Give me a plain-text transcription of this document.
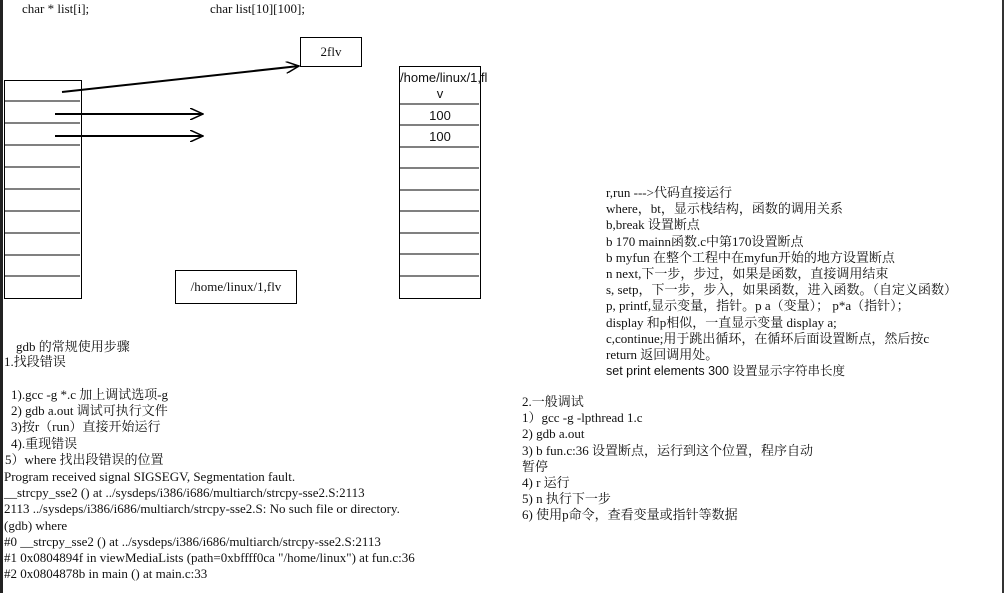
char * list[i];	char list[10][100];
2flv
/home/linux/1,flv
/home/linux/1,fl
v
100
100
gdb 的常规使用步骤
1.找段错误
1).gcc -g *.c 加上调试选项-g
2) gdb a.out 调试可执行文件
3)按r（run）直接开始运行
4).重现错误
5）where 找出段错误的位置
Program received signal SIGSEGV, Segmentation fault.
__strcpy_sse2 () at ../sysdeps/i386/i686/multiarch/strcpy-sse2.S:2113
2113 ../sysdeps/i386/i686/multiarch/strcpy-sse2.S: No such file or directory.
(gdb) where
#0 __strcpy_sse2 () at ../sysdeps/i386/i686/multiarch/strcpy-sse2.S:2113
#1 0x0804894f in viewMediaLists (path=0xbffff0ca "/home/linux") at fun.c:36
#2 0x0804878b in main () at main.c:33
r,run --->代码直接运行
where，bt，显示栈结构，函数的调用关系
b,break 设置断点
b 170 mainn函数.c中第170设置断点
b myfun 在整个工程中在myfun开始的地方设置断点
n next,下一步，步过，如果是函数，直接调用结束
s, setp，下一步，步入，如果函数，进入函数。（自定义函数）
p, printf,显示变量，指针。p a（变量）； p*a（指针）；
display 和p相似，一直显示变量 display a;
c,continue;用于跳出循环，在循环后面设置断点，然后按c
return 返回调用处。
set print elements 300 设置显示字符串长度
2.一般调试
1）gcc -g -lpthread 1.c
2) gdb a.out
3) b fun.c:36 设置断点，运行到这个位置，程序自动
暂停
4) r 运行
5) n 执行下一步
6) 使用p命令，查看变量或指针等数据
